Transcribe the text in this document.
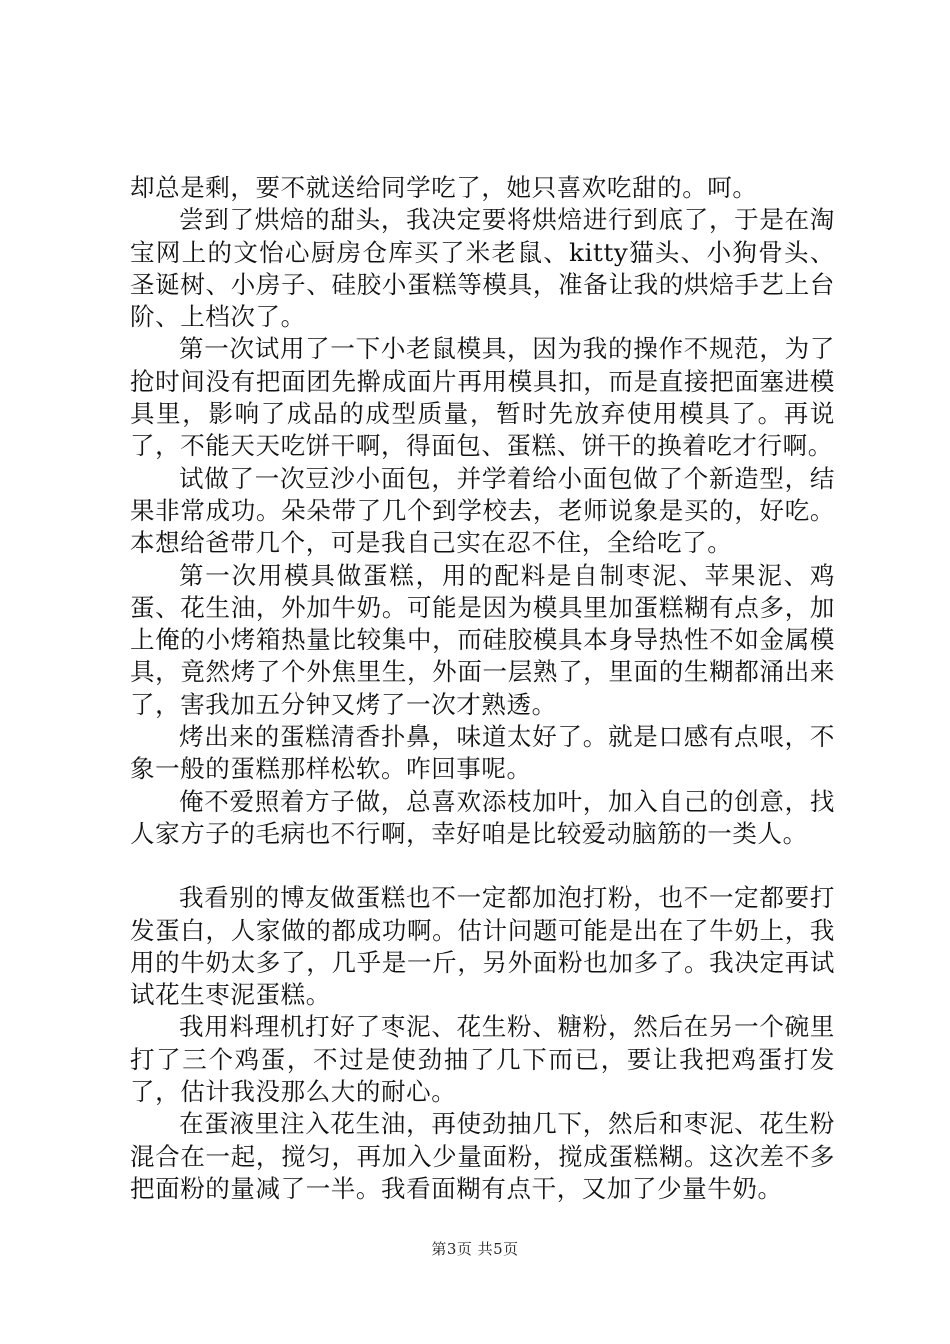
却总是剩，要不就送给同学吃了，她只喜欢吃甜的。呵。

尝到了烘焙的甜头，我决定要将烘焙进行到底了，于是在淘宝网上的文怡心厨房仓库买了米老鼠、kitty猫头、小狗骨头、圣诞树、小房子、硅胶小蛋糕等模具，准备让我的烘焙手艺上台阶、上档次了。

第一次试用了一下小老鼠模具，因为我的操作不规范，为了抢时间没有把面团先擀成面片再用模具扣，而是直接把面塞进模具里，影响了成品的成型质量，暂时先放弃使用模具了。再说了，不能天天吃饼干啊，得面包、蛋糕、饼干的换着吃才行啊。

试做了一次豆沙小面包，并学着给小面包做了个新造型，结果非常成功。朵朵带了几个到学校去，老师说象是买的，好吃。本想给爸带几个，可是我自己实在忍不住，全给吃了。

第一次用模具做蛋糕，用的配料是自制枣泥、苹果泥、鸡蛋、花生油，外加牛奶。可能是因为模具里加蛋糕糊有点多，加上俺的小烤箱热量比较集中，而硅胶模具本身导热性不如金属模具，竟然烤了个外焦里生，外面一层熟了，里面的生糊都涌出来了，害我加五分钟又烤了一次才熟透。

烤出来的蛋糕清香扑鼻，味道太好了。就是口感有点哏，不象一般的蛋糕那样松软。咋回事呢。

俺不爱照着方子做，总喜欢添枝加叶，加入自己的创意，找人家方子的毛病也不行啊，幸好咱是比较爱动脑筋的一类人。

我看别的博友做蛋糕也不一定都加泡打粉，也不一定都要打发蛋白，人家做的都成功啊。估计问题可能是出在了牛奶上，我用的牛奶太多了，几乎是一斤，另外面粉也加多了。我决定再试试花生枣泥蛋糕。

我用料理机打好了枣泥、花生粉、糖粉，然后在另一个碗里打了三个鸡蛋，不过是使劲抽了几下而已，要让我把鸡蛋打发了，估计我没那么大的耐心。

在蛋液里注入花生油，再使劲抽几下，然后和枣泥、花生粉混合在一起，搅匀，再加入少量面粉，搅成蛋糕糊。这次差不多把面粉的量减了一半。我看面糊有点干，又加了少量牛奶。

第3页 共5页
